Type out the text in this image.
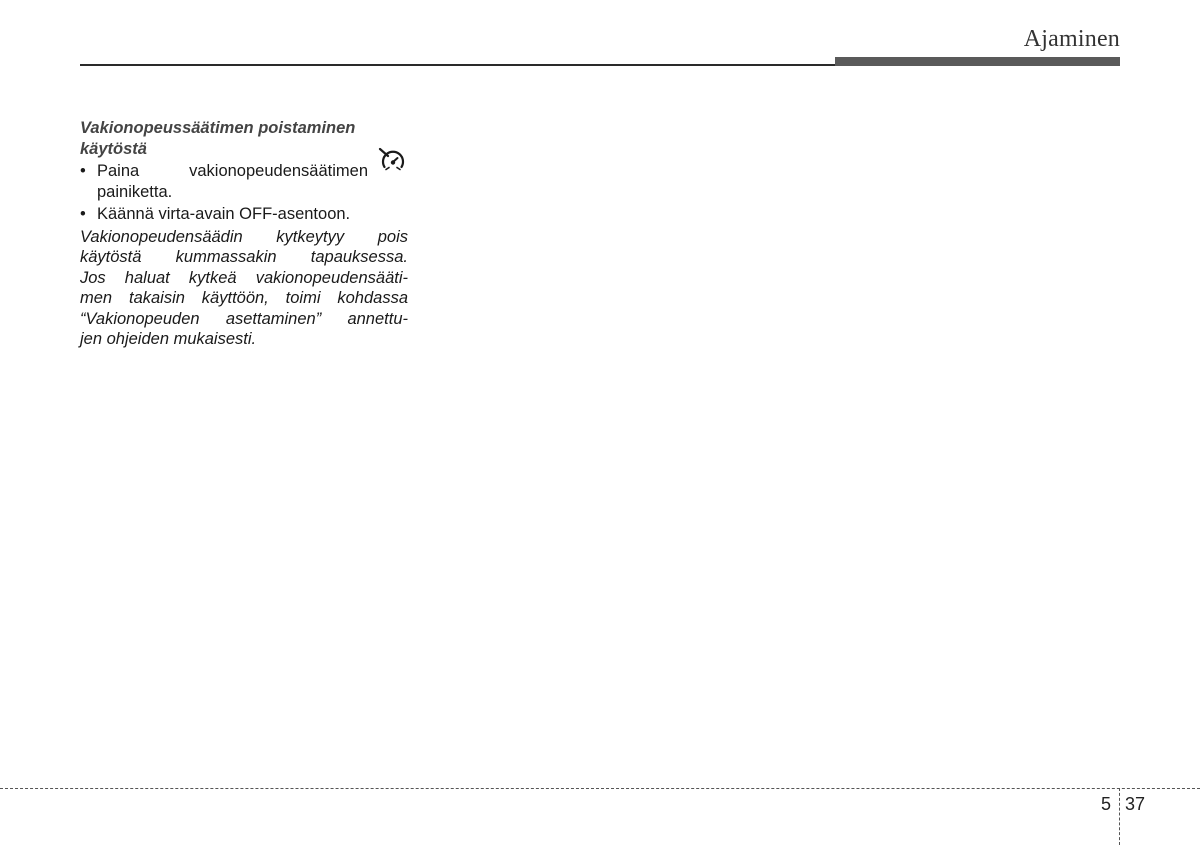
Ajaminen

Vakionopeussäätimen poistaminen
käytöstä

• Paina vakionopeudensäätimen
painiketta.
• Käännä virta-avain OFF-asentoon.

Vakionopeudensäädin kytkeytyy pois
käytöstä kummassakin tapauksessa.
Jos haluat kytkeä vakionopeudensääti-
men takaisin käyttöön, toimi kohdassa
“Vakionopeuden asettaminen” annettu-
jen ohjeiden mukaisesti.

5 37
